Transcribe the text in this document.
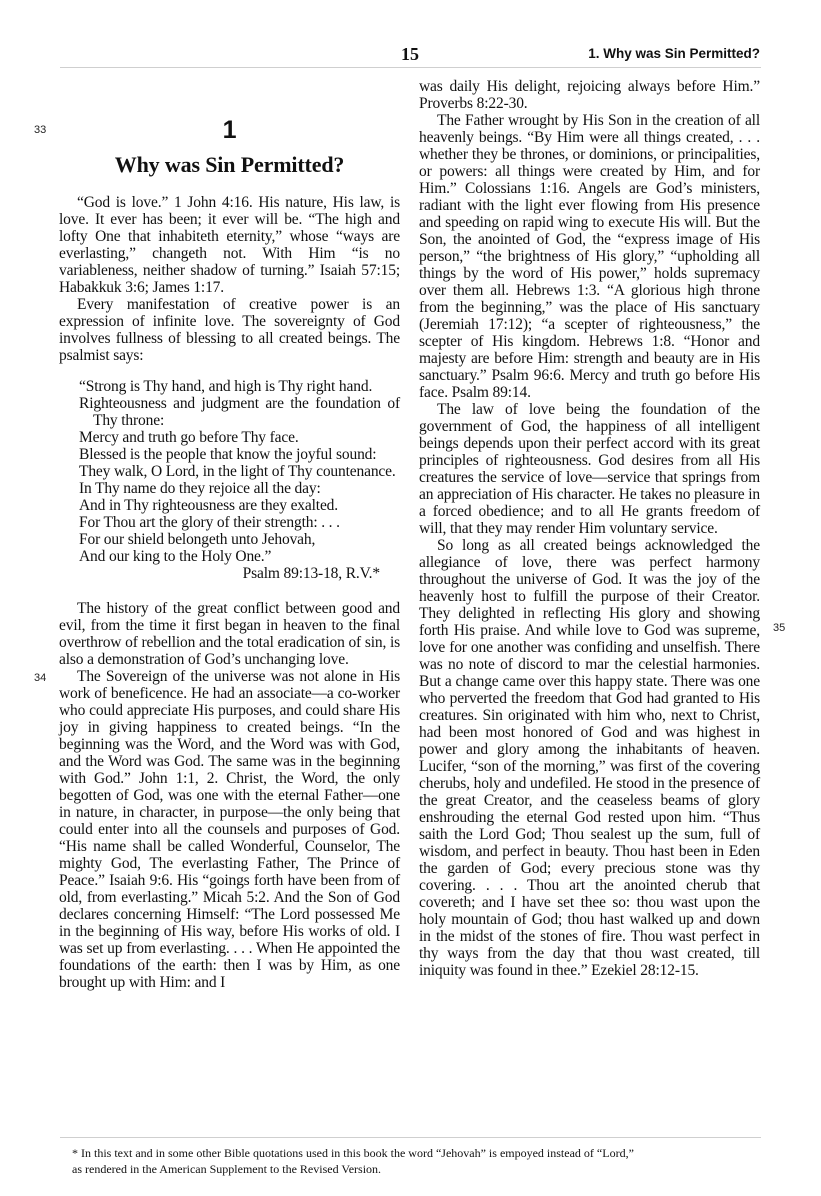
15	1. Why was Sin Permitted?
33
34
35
1
Why was Sin Permitted?

“God is love.” 1 John 4:16. His nature, His law, is love. It ever has been; it ever will be. “The high and lofty One that inhabiteth eternity,” whose “ways are everlasting,” changeth not. With Him “is no variableness, neither shadow of turning.” Isaiah 57:15; Habakkuk 3:6; James 1:17.

Every manifestation of creative power is an expression of infinite love. The sovereignty of God involves fullness of blessing to all created beings. The psalmist says:

“Strong is Thy hand, and high is Thy right hand.
Righteousness and judgment are the foundation of Thy throne:
Mercy and truth go before Thy face.
Blessed is the people that know the joyful sound:
They walk, O Lord, in the light of Thy countenance.
In Thy name do they rejoice all the day:
And in Thy righteousness are they exalted.
For Thou art the glory of their strength: . . .
For our shield belongeth unto Jehovah,
And our king to the Holy One.”
Psalm 89:13-18, R.V.*

The history of the great conflict between good and evil, from the time it first began in heaven to the final overthrow of rebellion and the total eradication of sin, is also a demonstration of God’s unchanging love.

The Sovereign of the universe was not alone in His work of beneficence. He had an associate—a co-worker who could appreciate His purposes, and could share His joy in giving happiness to created beings. “In the beginning was the Word, and the Word was with God, and the Word was God. The same was in the beginning with God.” John 1:1, 2. Christ, the Word, the only begotten of God, was one with the eternal Father—one in nature, in character, in purpose—the only being that could enter into all the counsels and purposes of God. “His name shall be called Wonderful, Counselor, The mighty God, The everlasting Father, The Prince of Peace.” Isaiah 9:6. His “goings forth have been from of old, from everlasting.” Micah 5:2. And the Son of God declares concerning Himself: “The Lord possessed Me in the beginning of His way, before His works of old. I was set up from everlasting. . . . When He appointed the foundations of the earth: then I was by Him, as one brought up with Him: and I

was daily His delight, rejoicing always before Him.” Proverbs 8:22-30.

The Father wrought by His Son in the creation of all heavenly beings. “By Him were all things created, . . . whether they be thrones, or dominions, or principalities, or powers: all things were created by Him, and for Him.” Colossians 1:16. Angels are God’s ministers, radiant with the light ever flowing from His presence and speeding on rapid wing to execute His will. But the Son, the anointed of God, the “express image of His person,” “the brightness of His glory,” “upholding all things by the word of His power,” holds supremacy over them all. Hebrews 1:3. “A glorious high throne from the beginning,” was the place of His sanctuary (Jeremiah 17:12); “a scepter of righteousness,” the scepter of His kingdom. Hebrews 1:8. “Honor and majesty are before Him: strength and beauty are in His sanctuary.” Psalm 96:6. Mercy and truth go before His face. Psalm 89:14.

The law of love being the foundation of the government of God, the happiness of all intelligent beings depends upon their perfect accord with its great principles of righteousness. God desires from all His creatures the service of love—service that springs from an appreciation of His character. He takes no pleasure in a forced obedience; and to all He grants freedom of will, that they may render Him voluntary service.

So long as all created beings acknowledged the allegiance of love, there was perfect harmony throughout the universe of God. It was the joy of the heavenly host to fulfill the purpose of their Creator. They delighted in reflecting His glory and showing forth His praise. And while love to God was supreme, love for one another was confiding and unselfish. There was no note of discord to mar the celestial harmonies. But a change came over this happy state. There was one who perverted the freedom that God had granted to His creatures. Sin originated with him who, next to Christ, had been most honored of God and was highest in power and glory among the inhabitants of heaven. Lucifer, “son of the morning,” was first of the covering cherubs, holy and undefiled. He stood in the presence of the great Creator, and the ceaseless beams of glory enshrouding the eternal God rested upon him. “Thus saith the Lord God; Thou sealest up the sum, full of wisdom, and perfect in beauty. Thou hast been in Eden the garden of God; every precious stone was thy covering. . . . Thou art the anointed cherub that covereth; and I have set thee so: thou wast upon the holy mountain of God; thou hast walked up and down in the midst of the stones of fire. Thou wast perfect in thy ways from the day that thou wast created, till iniquity was found in thee.” Ezekiel 28:12-15.

* In this text and in some other Bible quotations used in this book the word “Jehovah” is empoyed instead of “Lord,”
as rendered in the American Supplement to the Revised Version.
